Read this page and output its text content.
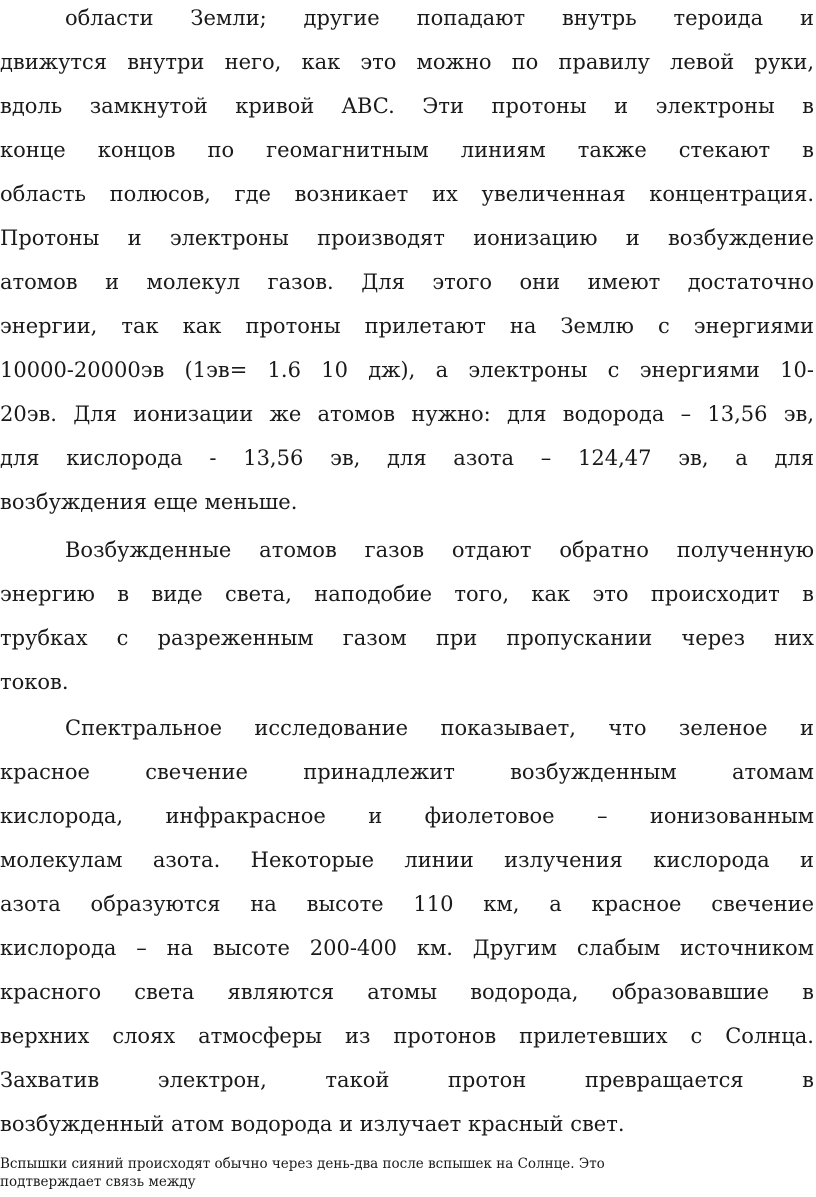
области Земли; другие попадают внутрь тероида и
движутся внутри него, как это можно по правилу левой руки,
вдоль замкнутой кривой ABC. Эти протоны и электроны в
конце концов по геомагнитным линиям также стекают в
область полюсов, где возникает их увеличенная концентрация.
Протоны и электроны производят ионизацию и возбуждение
атомов и молекул газов. Для этого они имеют достаточно
энергии, так как протоны прилетают на Землю с энергиями
10000-20000эв (1эв= 1.6 10 дж), а электроны с энергиями 10-
20эв. Для ионизации же атомов нужно: для водорода – 13,56 эв,
для кислорода - 13,56 эв, для азота – 124,47 эв, а для
возбуждения еще меньше.
Возбужденные атомов газов отдают обратно полученную
энергию в виде света, наподобие того, как это происходит в
трубках с разреженным газом при пропускании через них
токов.
Спектральное исследование показывает, что зеленое и
красное свечение принадлежит возбужденным атомам
кислорода, инфракрасное и фиолетовое – ионизованным
молекулам азота. Некоторые линии излучения кислорода и
азота образуются на высоте 110 км, а красное свечение
кислорода – на высоте 200-400 км. Другим слабым источником
красного света являются атомы водорода, образовавшие в
верхних слоях атмосферы из протонов прилетевших с Солнца.
Захватив электрон, такой протон превращается в
возбужденный атом водорода и излучает красный свет.
Вспышки сияний происходят обычно через день-два после вспышек на Солнце. Это
подтверждает связь между
